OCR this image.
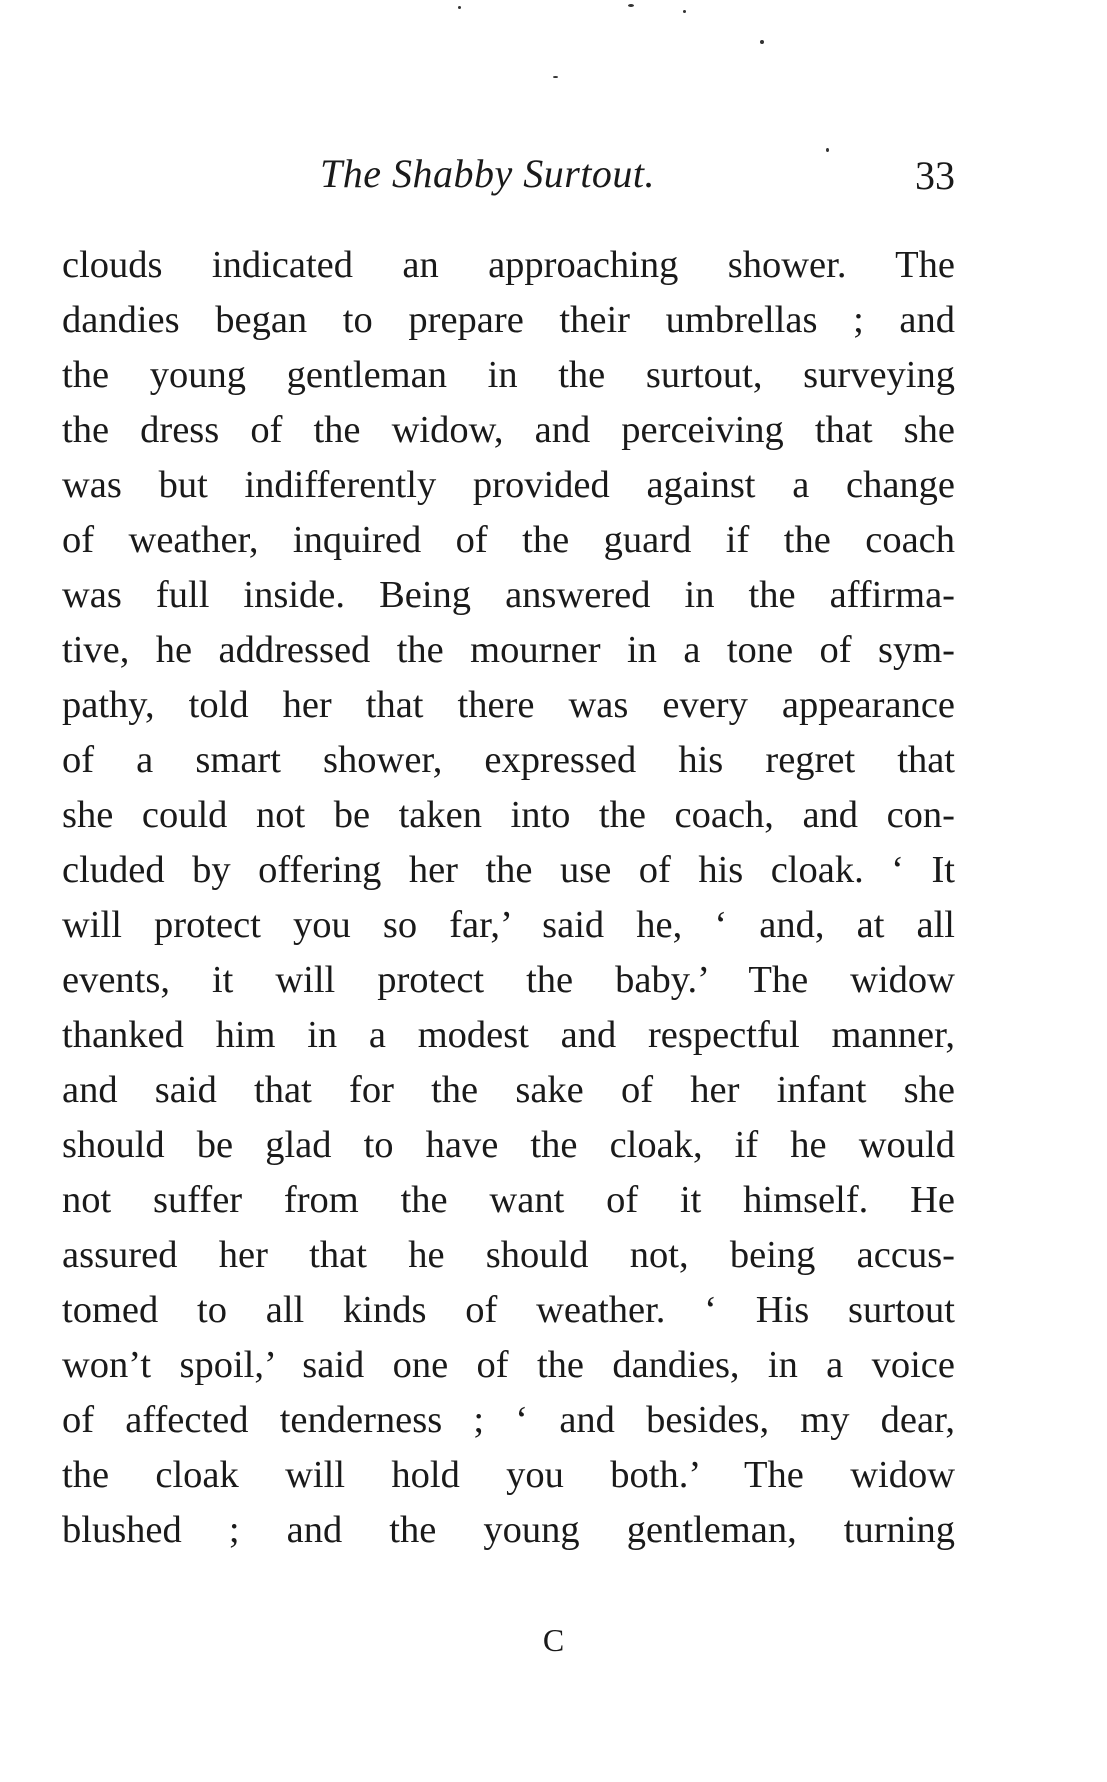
The Shabby Surtout.	33
clouds indicated an approaching shower. The
dandies began to prepare their umbrellas ; and
the young gentleman in the surtout, surveying
the dress of the widow, and perceiving that she
was but indifferently provided against a change
of weather, inquired of the guard if the coach
was full inside. Being answered in the affirma-
tive, he addressed the mourner in a tone of sym-
pathy, told her that there was every appearance
of a smart shower, expressed his regret that
she could not be taken into the coach, and con-
cluded by offering her the use of his cloak. ‘ It
will protect you so far,’ said he, ‘ and, at all
events, it will protect the baby.’ The widow
thanked him in a modest and respectful manner,
and said that for the sake of her infant she
should be glad to have the cloak, if he would
not suffer from the want of it himself. He
assured her that he should not, being accus-
tomed to all kinds of weather. ‘ His surtout
won’t spoil,’ said one of the dandies, in a voice
of affected tenderness ; ‘ and besides, my dear,
the cloak will hold you both.’ The widow
blushed ; and the young gentleman, turning
C
